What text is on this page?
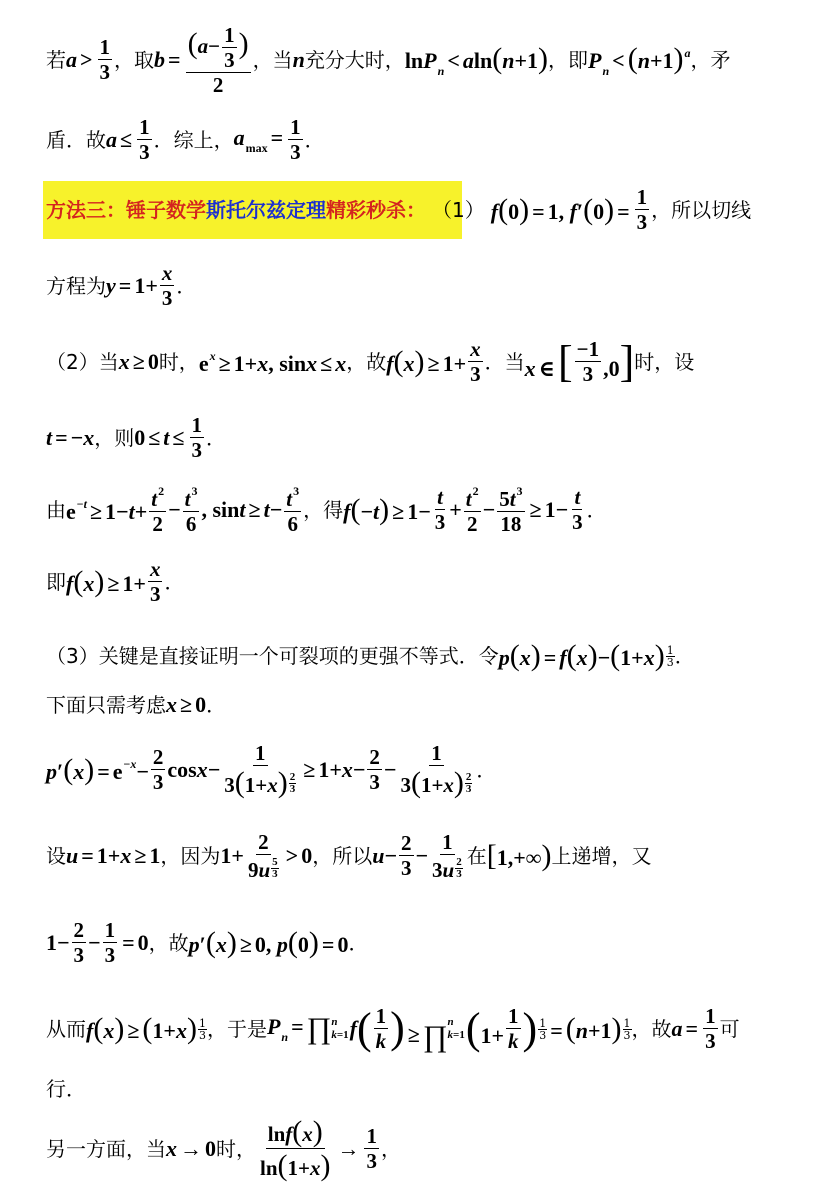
若 $a > \frac{1}{3}$ ，取 $b = \frac{(a- \frac{1}{3} )}{2}$ ，当 n 充分大时， lnP$_n$ < aln(n+1) ，即 $P_n < (n+1)^a$ ，矛
盾．故 $a \le \frac{1}{3}$ ．综上， $a_{max} = \frac{1}{3}$ ．
方法三：锤子数学 斯托尔兹定理 精彩秒杀： （1） f(0) = 1, $f'(0) = \frac{1}{3}$ ，所以切线
方程为 $y = 1+ \frac{x}{3}$ ．
（2）当 x ≥ 0 时， $e^x \ge 1+x$, sinx ≤ x ，故 $f(x) \ge 1+ \frac{x}{3}$ ．当 x ∈[ $\frac{-1}{3} ,0$] 时，设
t = −x ，则 $0 \le t \le \frac{1}{3}$ ．
由 $e^{-t} \ge 1-t+ \frac{t^2}{2} - \frac{t^3}{6}$ , $\sin t \ge t- \frac{t^3}{6}$ ，得 $f(-t) \ge 1- \frac{t}{3} + \frac{t^2}{2} - \frac{5t^3}{18} \ge 1- \frac{t}{3}$ ．
即 $f(x) \ge 1+ \frac{x}{3}$ ．
（3）关键是直接证明一个可裂项的更强不等式．令 p(x) = f(x)−(1+x) 1
3 ．
下面只需考虑 x ≥ 0 ．
$p'(x) = e^{-x}- \frac{2}{3} \cos x- \frac{1}{3(1+x) \frac{2}{3}} \ge 1+x- \frac{2}{3} - \frac{1}{3(1+x) \frac{2}{3}}$ ．
设 u = 1+x ≥ 1 ，因为 $1+ \frac{2}{9u \frac{5}{3}} > 0$ ，所以 $u- \frac{2}{3} - \frac{1}{3u \frac{2}{3}}$ 在 [1,+∞) 上递增，又
$1- \frac{2}{3} - \frac{1}{3} = 0$ ，故 p′(x) ≥ 0, p(0) = 0 ．
从而 f(x) ≥ (1+x) 1
3 ，于是 $P_n$ = ∏ n
k=1 f ( $\frac{1}{k}$ ) ≥ ∏ n
k=1 ($1+ \frac{1}{k}$ ) $\frac{1}{3} = (n+1)$ 1
3 ，故 $a = \frac{1}{3}$ 可
行．
另一方面，当 x → 0 时， $\frac{\ln f(x)}{\ln(1+x)} \to \frac{1}{3}$ ，
